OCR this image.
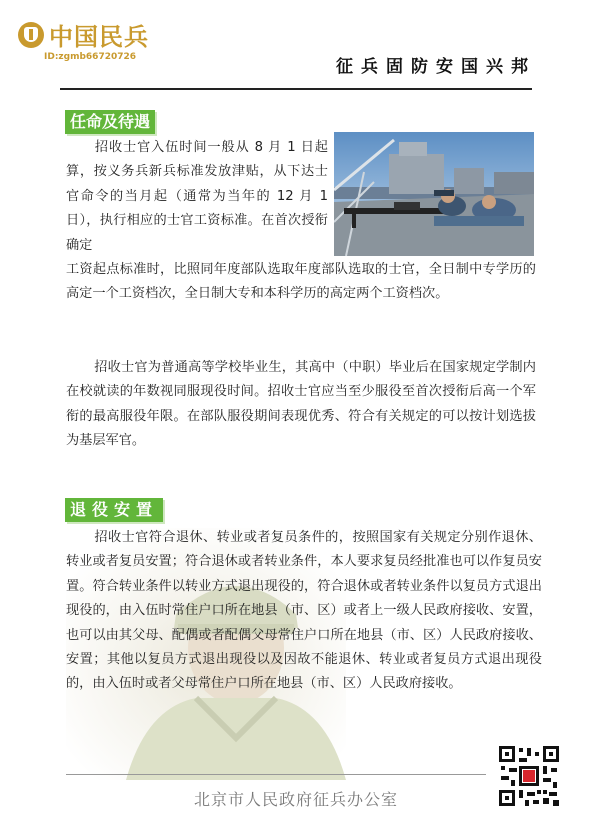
中国民兵
ID:zgmb66720726	征兵固防安国兴邦
任命及待遇
招收士官入伍时间一般从 8 月 1 日起算，按义务兵新兵标准发放津贴，从下达士官命令的当月起（通常为当年的 12 月 1 日），执行相应的士官工资标准。在首次授衔确定
工资起点标准时，比照同年度部队选取年度部队选取的士官，全日制中专学历的高定一个工资档次，全日制大专和本科学历的高定两个工资档次。
招收士官为普通高等学校毕业生，其高中（中职）毕业后在国家规定学制内在校就读的年数视同服现役时间。招收士官应当至少服役至首次授衔后高一个军衔的最高服役年限。在部队服役期间表现优秀、符合有关规定的可以按计划选拔为基层军官。
退役安置
招收士官符合退休、转业或者复员条件的，按照国家有关规定分别作退休、转业或者复员安置；符合退休或者转业条件，本人要求复员经批准也可以作复员安置。符合转业条件以转业方式退出现役的，符合退休或者转业条件以复员方式退出现役的，由入伍时常住户口所在地县（市、区）或者上一级人民政府接收、安置，也可以由其父母、配偶或者配偶父母常住户口所在地县（市、区）人民政府接收、安置；其他以复员方式退出现役以及因故不能退休、转业或者复员方式退出现役的，由入伍时或者父母常住户口所在地县（市、区）人民政府接收。
北京市人民政府征兵办公室
